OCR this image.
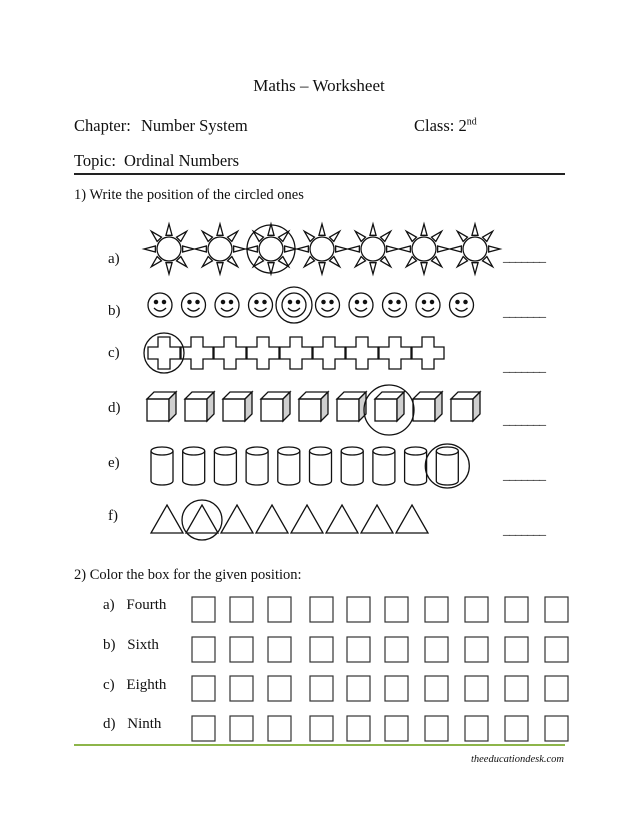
Maths – Worksheet
Chapter: Number System	Class: 2nd
Topic: Ordinal Numbers
1) Write the position of the circled ones
a)
b)
c)
d)
e)
f)
_______
_______
_______
_______
_______
_______
2) Color the box for the given position:
a) Fourth
b) Sixth
c) Eighth
d) Ninth
theeducationdesk.com
